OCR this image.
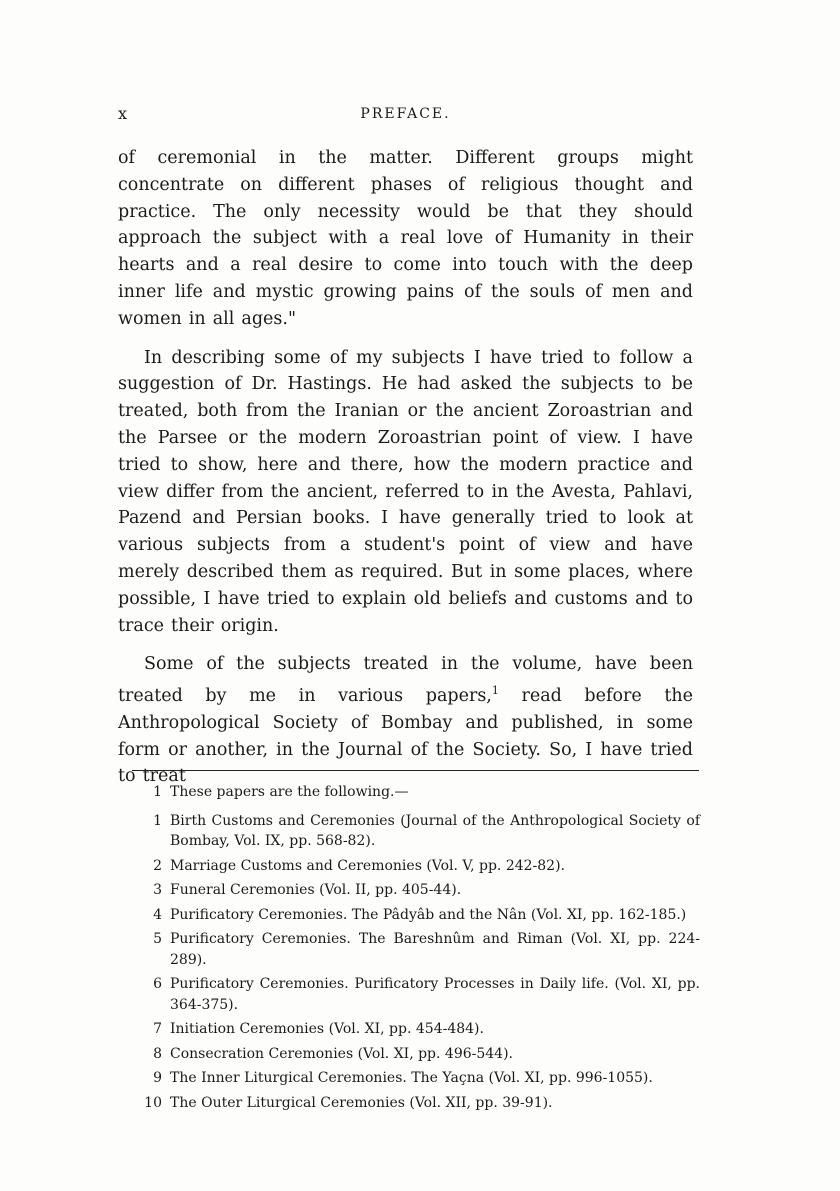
x	PREFACE.

of ceremonial in the matter. Different groups might concentrate on different phases of religious thought and practice. The only necessity would be that they should approach the subject with a real love of Humanity in their hearts and a real desire to come into touch with the deep inner life and mystic growing pains of the souls of men and women in all ages."

In describing some of my subjects I have tried to follow a suggestion of Dr. Hastings. He had asked the subjects to be treated, both from the Iranian or the ancient Zoroastrian and the Parsee or the modern Zoroastrian point of view. I have tried to show, here and there, how the modern practice and view differ from the ancient, referred to in the Avesta, Pahlavi, Pazend and Persian books. I have generally tried to look at various subjects from a student's point of view and have merely described them as required. But in some places, where possible, I have tried to explain old beliefs and customs and to trace their origin.

Some of the subjects treated in the volume, have been treated by me in various papers,$^1$ read before the Anthropological Society of Bombay and published, in some form or another, in the Journal of the Society. So, I have tried to treat

1 These papers are the following.—
1 Birth Customs and Ceremonies (Journal of the Anthropological Society of Bombay, Vol. IX, pp. 568-82).
2 Marriage Customs and Ceremonies (Vol. V, pp. 242-82).
3 Funeral Ceremonies (Vol. II, pp. 405-44).
4 Purificatory Ceremonies. The Pâdyâb and the Nân (Vol. XI, pp. 162-185.)
5 Purificatory Ceremonies. The Bareshnûm and Riman (Vol. XI, pp. 224-289).
6 Purificatory Ceremonies. Purificatory Processes in Daily life. (Vol. XI, pp. 364-375).
7 Initiation Ceremonies (Vol. XI, pp. 454-484).
8 Consecration Ceremonies (Vol. XI, pp. 496-544).
9 The Inner Liturgical Ceremonies. The Yaçna (Vol. XI, pp. 996-1055).
10 The Outer Liturgical Ceremonies (Vol. XII, pp. 39-91).
